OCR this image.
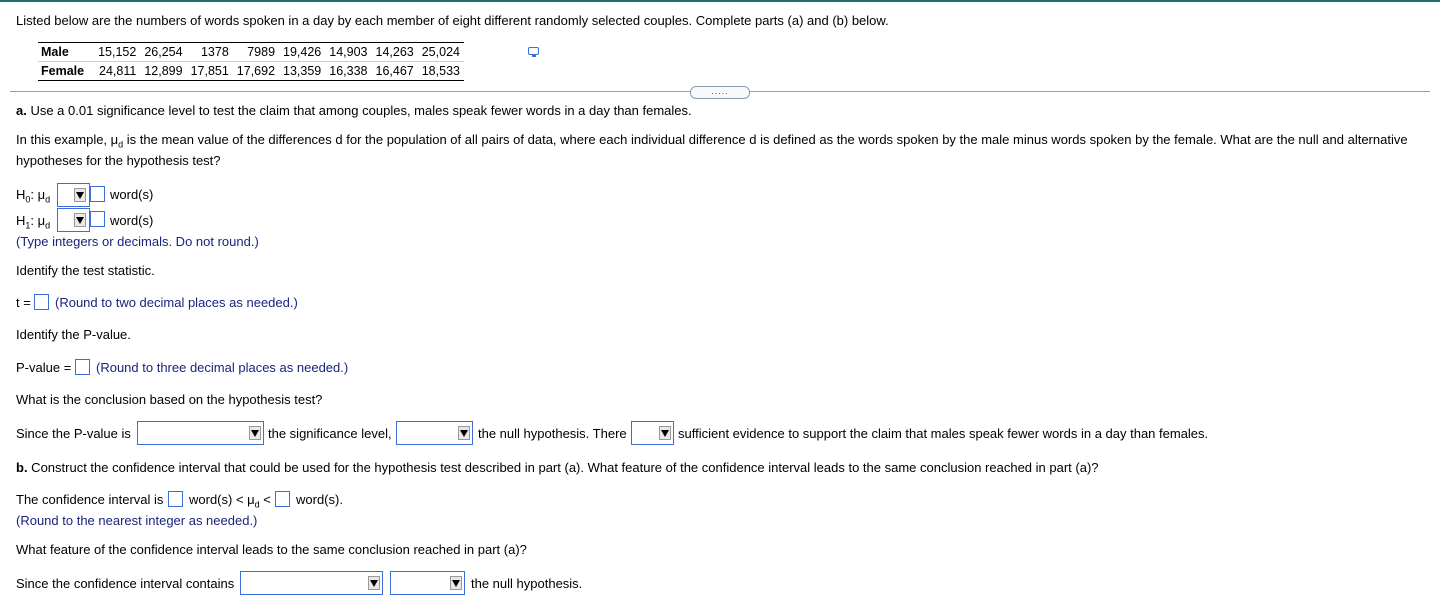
Listed below are the numbers of words spoken in a day by each member of eight different randomly selected couples. Complete parts (a) and (b) below.
Male	15,152	26,254	1378	7989	19,426	14,903	14,263	25,024
Female	24,811	12,899	17,851	17,692	13,359	16,338	16,467	18,533
.....
a. Use a 0.01 significance level to test the claim that among couples, males speak fewer words in a day than females.
In this example, $\mu_d$ is the mean value of the differences d for the population of all pairs of data, where each individual difference d is defined as the words spoken by the male minus words spoken by the female. What are the null and alternative
hypotheses for the hypothesis test?
$H_0$: $\mu_d$	word(s)
$H_1$: $\mu_d$	word(s)
(Type integers or decimals. Do not round.)
Identify the test statistic.
t = (Round to two decimal places as needed.)
Identify the P-value.
P-value = (Round to three decimal places as needed.)
What is the conclusion based on the hypothesis test?
Since the P-value is	the significance level,	the null hypothesis. There	sufficient evidence to support the claim that males speak fewer words in a day than females.
b. Construct the confidence interval that could be used for the hypothesis test described in part (a). What feature of the confidence interval leads to the same conclusion reached in part (a)?
The confidence interval is word(s) < $\mu_d$ < word(s).
(Round to the nearest integer as needed.)
What feature of the confidence interval leads to the same conclusion reached in part (a)?
Since the confidence interval contains	the null hypothesis.
